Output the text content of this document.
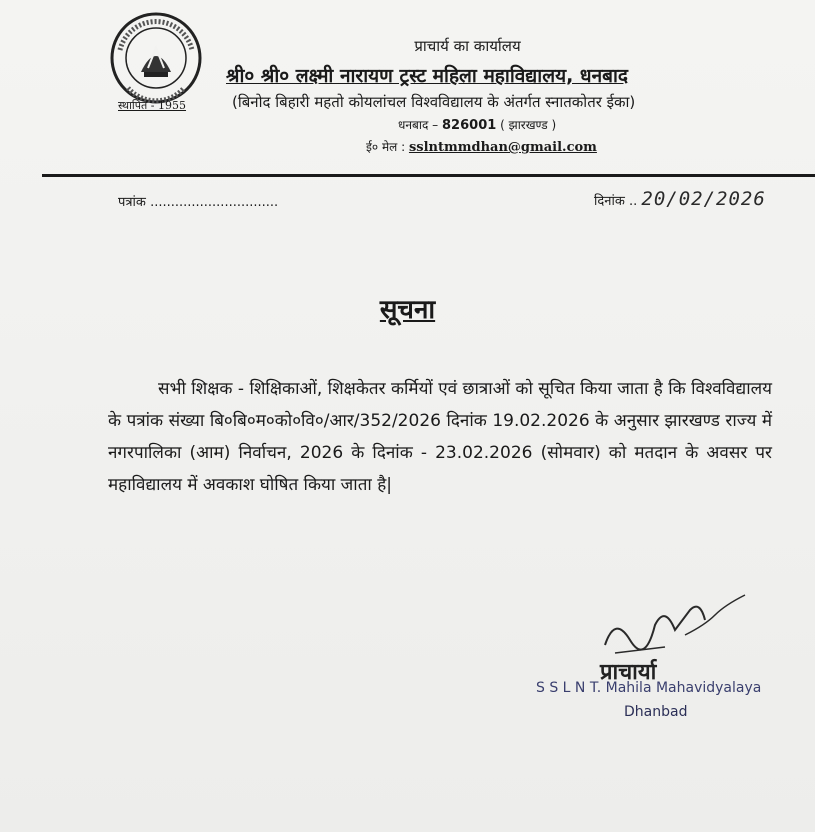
स्थापित - 1955
प्राचार्य का कार्यालय
श्री० श्री० लक्ष्मी नारायण ट्रस्ट महिला महाविद्यालय, धनबाद
(बिनोद बिहारी महतो कोयलांचल विश्वविद्यालय के अंतर्गत स्नातकोतर ईका)
धनबाद – 826001 ( झारखण्ड )
ई० मेल : sslntmmdhan@gmail.com
पत्रांक ...............................	दिनांक .. 20/02/2026
सूचना
सभी शिक्षक - शिक्षिकाओं, शिक्षकेतर कर्मियों एवं छात्राओं को सूचित किया जाता है कि विश्वविद्यालय के पत्रांक संख्या बि०बि०म०को०वि०/आर/352/2026 दिनांक 19.02.2026 के अनुसार झारखण्ड राज्य में नगरपालिका (आम) निर्वाचन, 2026 के दिनांक - 23.02.2026 (सोमवार) को मतदान के अवसर पर महाविद्यालय में अवकाश घोषित किया जाता है|
प्राचार्या
S S L N T. Mahila Mahavidyalaya
Dhanbad
